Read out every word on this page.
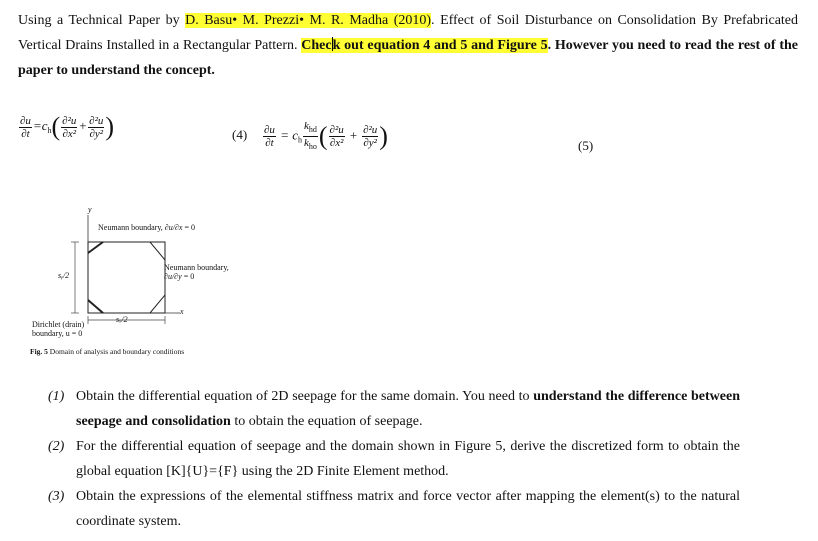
Using a Technical Paper by D. Basu• M. Prezzi• M. R. Madha (2010). Effect of Soil Disturbance on Consolidation By Prefabricated Vertical Drains Installed in a Rectangular Pattern. Check out equation 4 and 5 and Figure 5. However you need to read the rest of the paper to understand the concept.
$\frac{\partial u}{\partial t} =c_h( \frac{\text{∂²u}}{\text{∂x²}} + \frac{\text{∂²u}}{\text{∂y²}}$ )	$(4) \frac{\partial u}{\partial t} = c_h \frac{k_{hd}}{k_{ho}}$ ( $\frac{\text{∂²u}}{\text{∂x²}} + \frac{\text{∂²u}}{\text{∂y²}}$ )	(5)
y
x
Neumann boundary, ∂u/∂x = 0
Neumann boundary,
∂u/∂y = 0
sᵧ/2
sₓ/2
Dirichlet (drain)
boundary, u = 0
Fig. 5 Domain of analysis and boundary conditions
(1) Obtain the differential equation of 2D seepage for the same domain. You need to understand the difference between seepage and consolidation to obtain the equation of seepage.
(2) For the differential equation of seepage and the domain shown in Figure 5, derive the discretized form to obtain the global equation [K]{U}={F} using the 2D Finite Element method.
(3) Obtain the expressions of the elemental stiffness matrix and force vector after mapping the element(s) to the natural coordinate system.
